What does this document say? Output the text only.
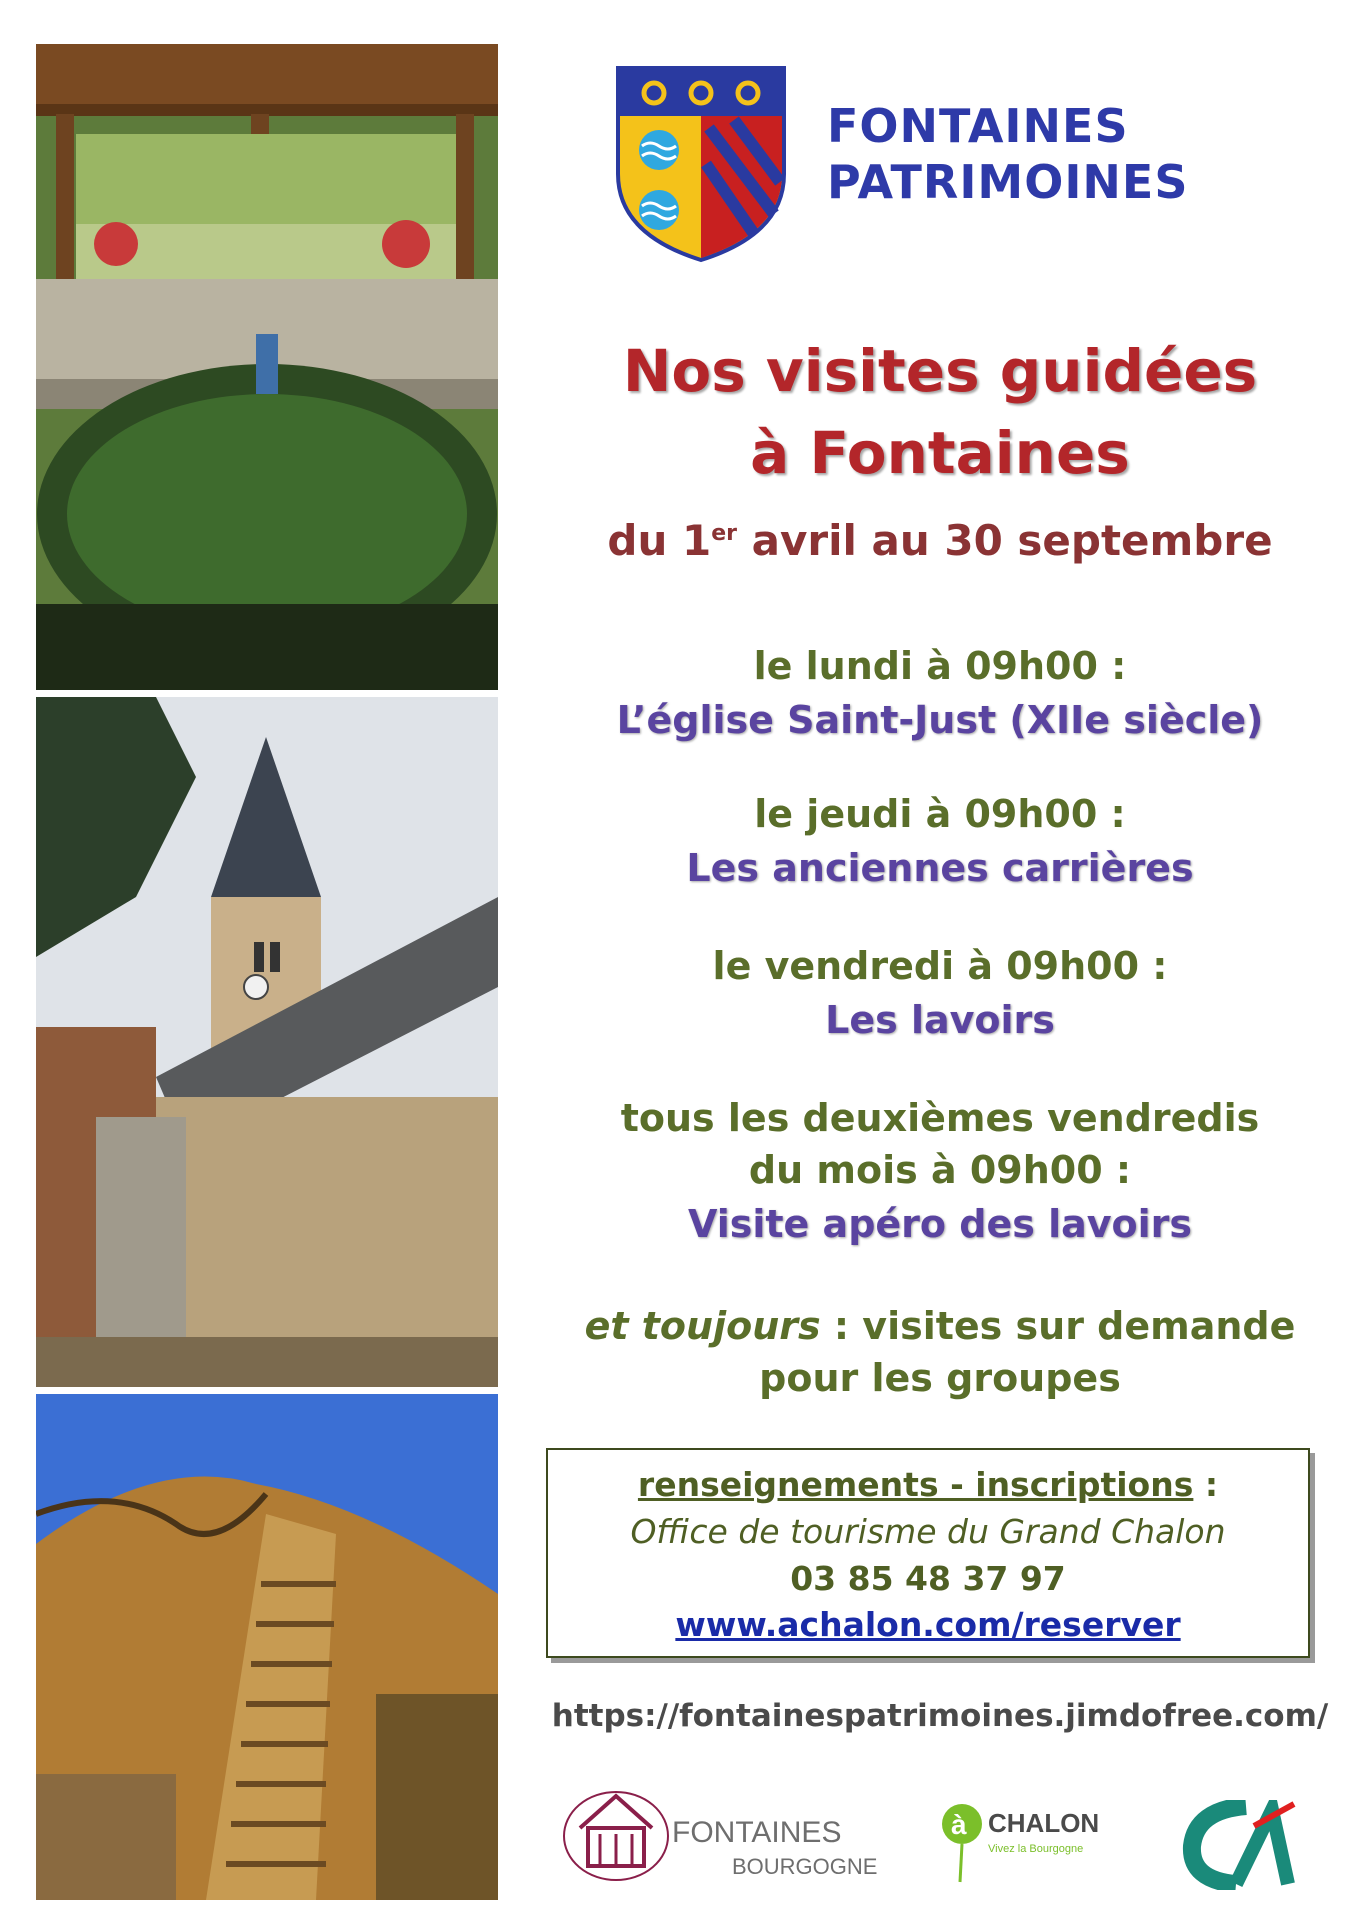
FONTAINES
PATRIMOINES
Nos visites guidées
à Fontaines
du 1er avril au 30 septembre
le lundi à 09h00 :
L’église Saint-Just (XIIe siècle)
le jeudi à 09h00 :
Les anciennes carrières
le vendredi à 09h00 :
Les lavoirs
tous les deuxièmes vendredis
du mois à 09h00 :
Visite apéro des lavoirs
et toujours : visites sur demande
pour les groupes
renseignements - inscriptions :
Office de tourisme du Grand Chalon
03 85 48 37 97
www.achalon.com/reserver
https://fontainespatrimoines.jimdofree.com/
FONTAINES
BOURGOGNE
à CHALON
Vivez la Bourgogne
CA
